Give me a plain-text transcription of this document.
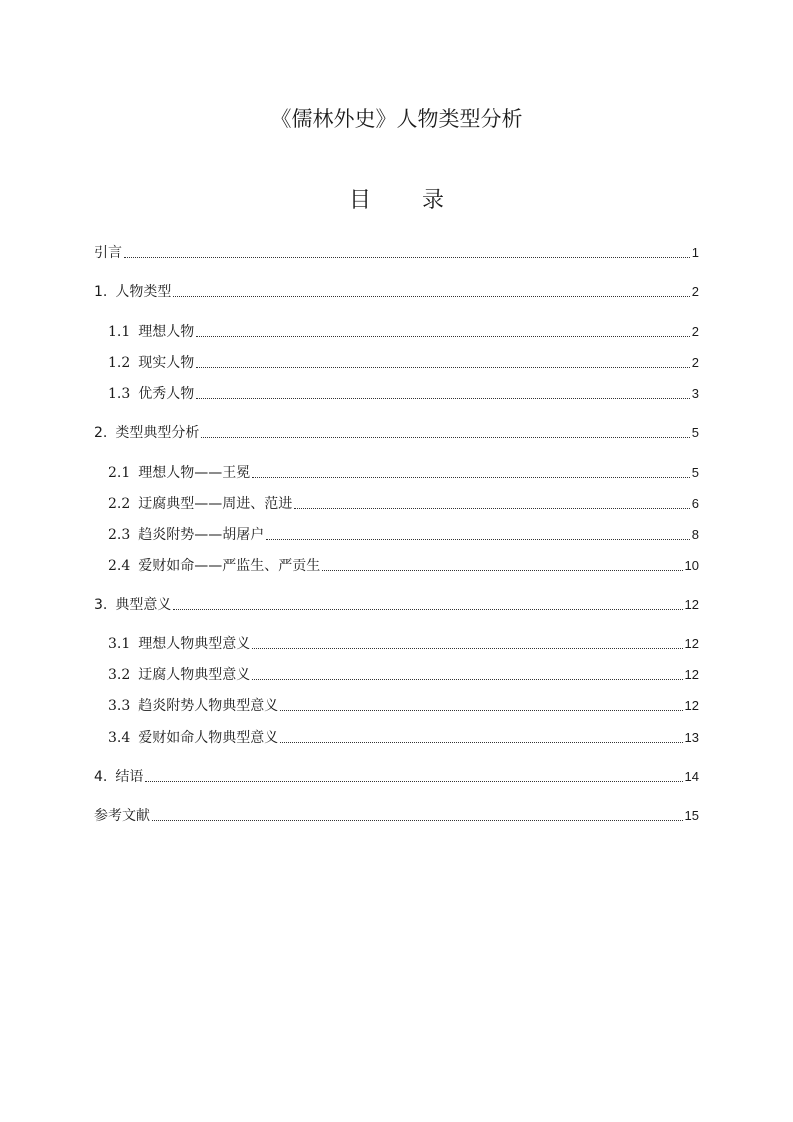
《儒林外史》人物类型分析
目 录
引言	1
1. 人物类型	2
1.1 理想人物	2
1.2 现实人物	2
1.3 优秀人物	3
2. 类型典型分析	5
2.1 理想人物——王冕	5
2.2 迂腐典型——周进、范进	6
2.3 趋炎附势——胡屠户	8
2.4 爱财如命——严监生、严贡生	10
3. 典型意义	12
3.1 理想人物典型意义	12
3.2 迂腐人物典型意义	12
3.3 趋炎附势人物典型意义	12
3.4 爱财如命人物典型意义	13
4. 结语	14
参考文献	15
